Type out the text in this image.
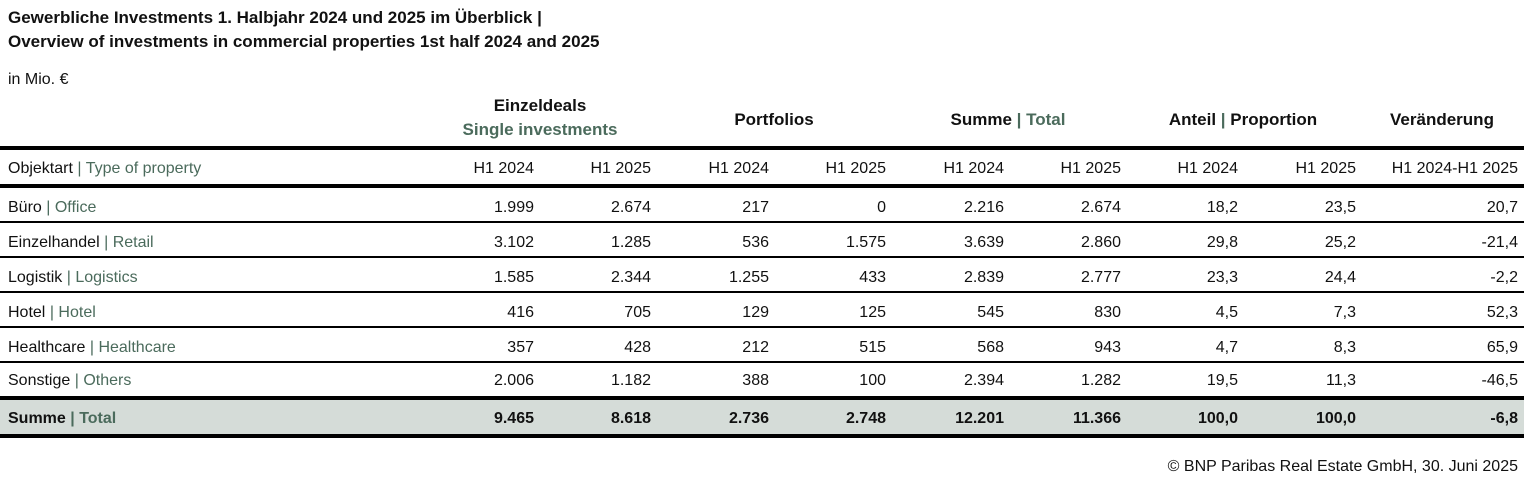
Gewerbliche Investments 1. Halbjahr 2024 und 2025 im Überblick |
Overview of investments in commercial properties 1st half 2024 and 2025
in Mio. €
Einzeldeals
Single investments
Portfolios	Summe | Total	Anteil | Proportion	Veränderung
Objektart | Type of property	H1 2024	H1 2025	H1 2024	H1 2025	H1 2024	H1 2025	H1 2024	H1 2025	H1 2024-H1 2025
Büro | Office	1.999	2.674	217	0	2.216	2.674	18,2	23,5	20,7
Einzelhandel | Retail	3.102	1.285	536	1.575	3.639	2.860	29,8	25,2	-21,4
Logistik | Logistics	1.585	2.344	1.255	433	2.839	2.777	23,3	24,4	-2,2
Hotel | Hotel	416	705	129	125	545	830	4,5	7,3	52,3
Healthcare | Healthcare	357	428	212	515	568	943	4,7	8,3	65,9
Sonstige | Others	2.006	1.182	388	100	2.394	1.282	19,5	11,3	-46,5
Summe | Total	9.465	8.618	2.736	2.748	12.201	11.366	100,0	100,0	-6,8
© BNP Paribas Real Estate GmbH, 30. Juni 2025
